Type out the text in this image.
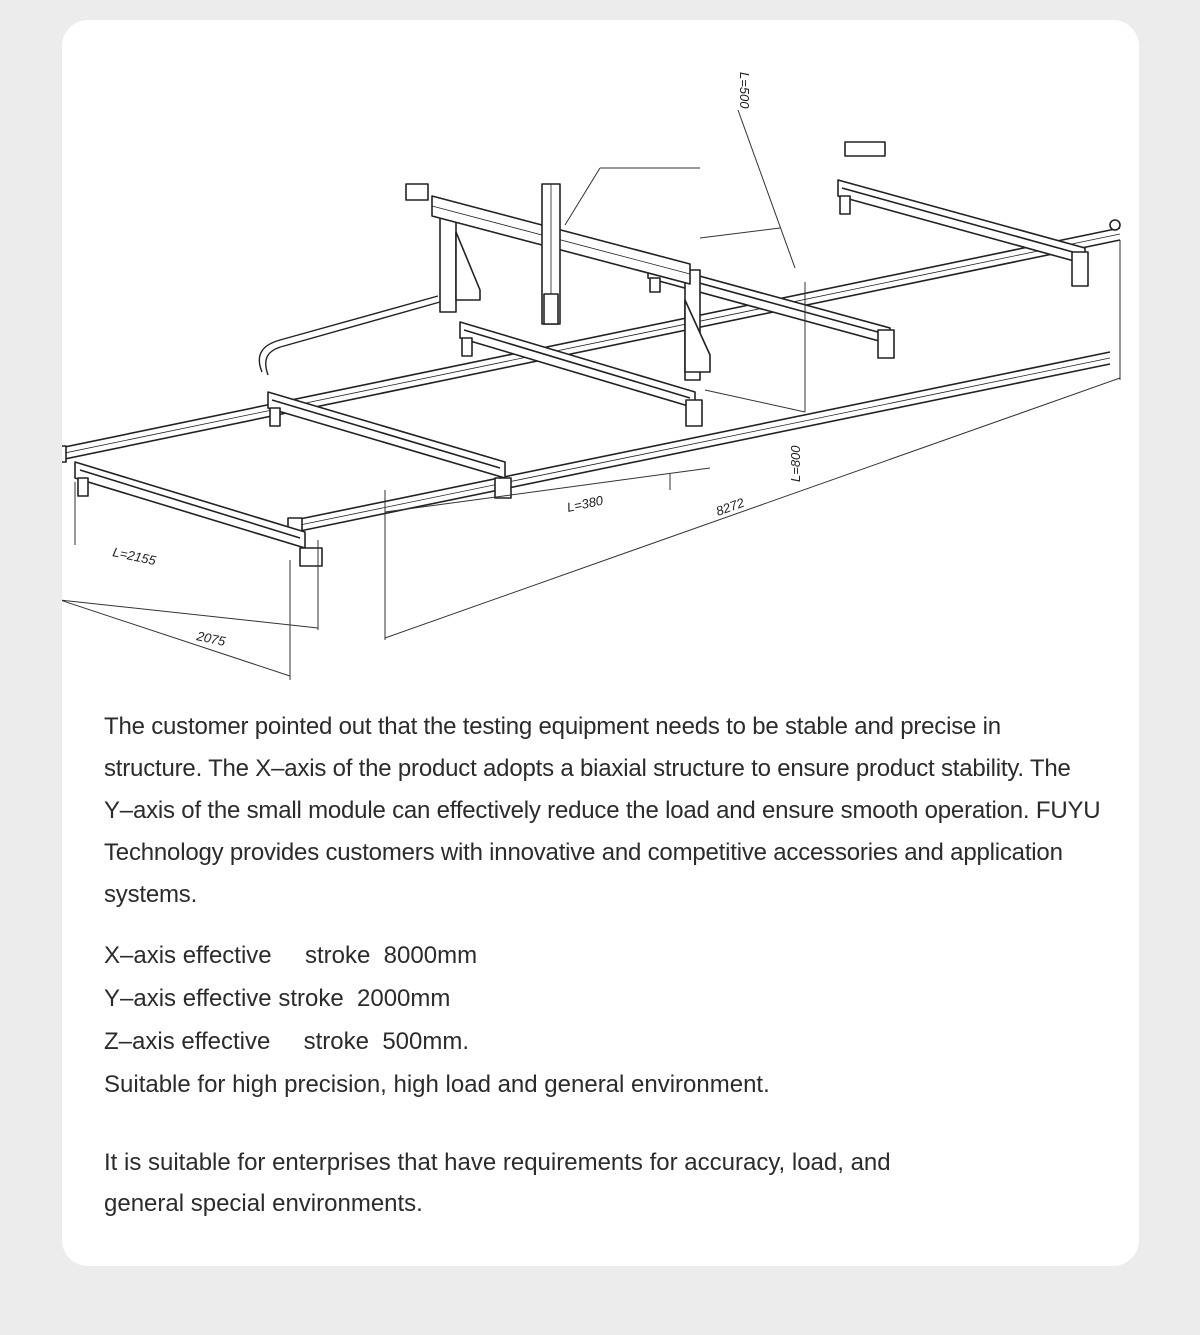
L=500
L=2155
2075
L=380	8272
L=800

The customer pointed out that the testing equipment needs to be stable and precise in structure. The X–axis of the product adopts a biaxial structure to ensure product stability. The Y–axis of the small module can effectively reduce the load and ensure smooth operation. FUYU Technology provides customers with innovative and competitive accessories and application systems.

X–axis effective     stroke  8000mm
Y–axis effective stroke  2000mm
Z–axis effective     stroke  500mm.
Suitable for high precision, high load and general environment.

It is suitable for enterprises that have requirements for accuracy, load, and general special environments.
